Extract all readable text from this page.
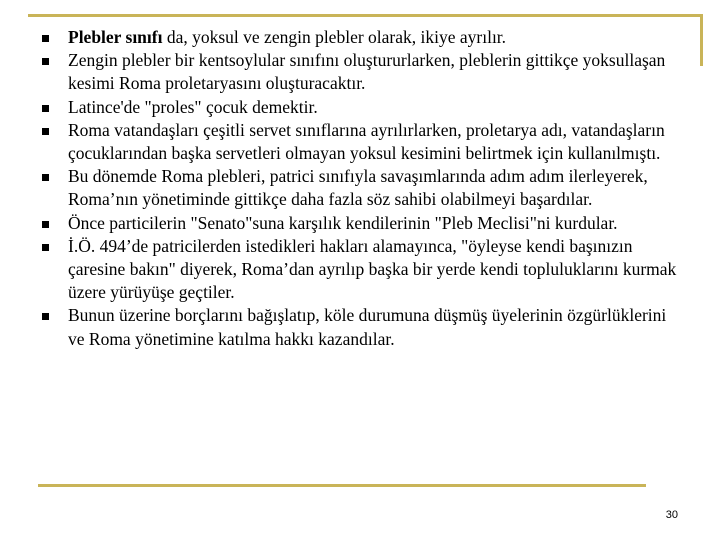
Plebler sınıfı da, yoksul ve zengin plebler olarak, ikiye ayrılır.
Zengin plebler bir kentsoylular sınıfını oluştururlarken, pleblerin gittikçe yoksullaşan kesimi Roma proletaryasını oluşturacaktır.
Latince'de "proles" çocuk demektir.
Roma vatandaşları çeşitli servet sınıflarına ayrılırlarken, proletarya adı, vatandaşların çocuklarından başka servetleri olmayan yoksul kesimini belirtmek için kullanılmıştı.
Bu dönemde Roma plebleri, patrici sınıfıyla savaşımlarında adım adım ilerleyerek, Roma’nın yönetiminde gittikçe daha fazla söz sahibi olabilmeyi başardılar.
Önce particilerin "Senato"suna karşılık kendilerinin "Pleb Meclisi"ni kurdular.
İ.Ö. 494’de patricilerden istedikleri hakları alamayınca, "öyleyse kendi başınızın çaresine bakın" diyerek, Roma’dan ayrılıp başka bir yerde kendi topluluklarını kurmak üzere yürüyüşe geçtiler.
Bunun üzerine borçlarını bağışlatıp, köle durumuna düşmüş üyelerinin özgürlüklerini ve Roma yönetimine katılma hakkı kazandılar.
30
